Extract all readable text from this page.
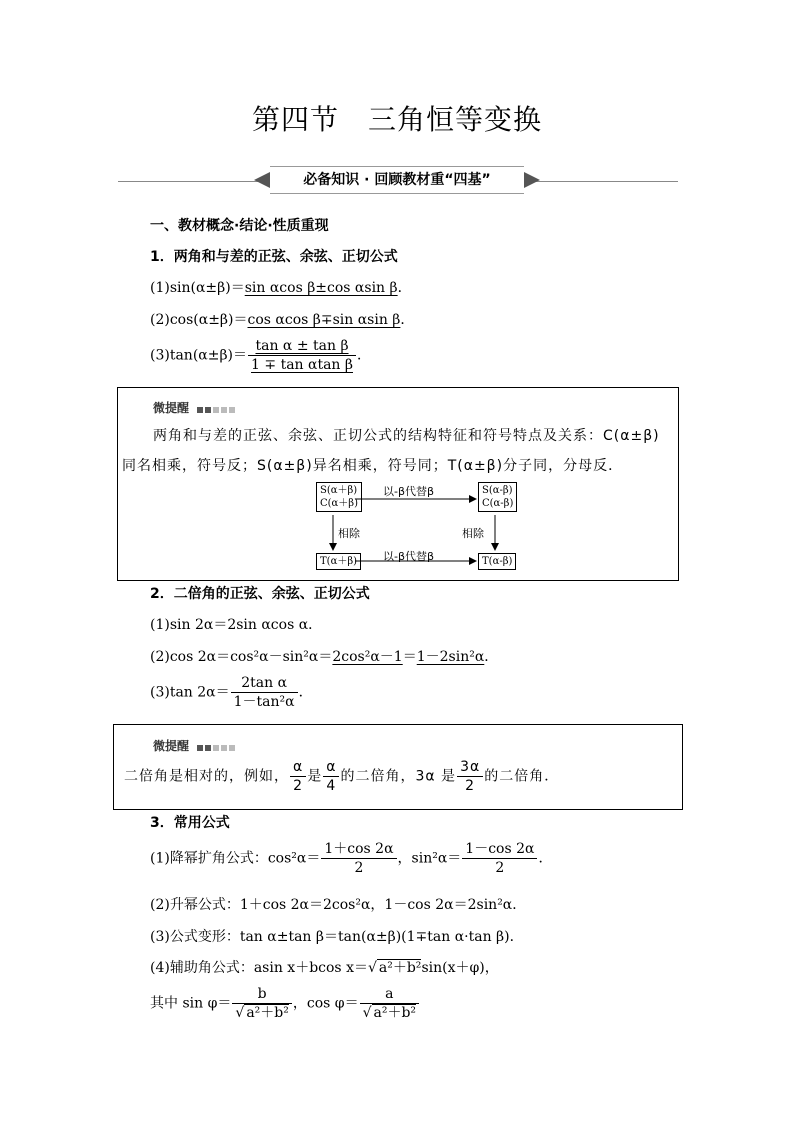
第四节　三角恒等变换
必备知识 · 回顾教材重“四基”
一、教材概念·结论·性质重现
1．两角和与差的正弦、余弦、正切公式
(1)sin(α±β)＝sin αcos β±cos αsin β．
(2)cos(α±β)＝cos αcos β∓sin αsin β．
$(3)\tan(\alpha\pm\beta)= \frac{\text{tan α ± tan β}}{\text{1 ∓ tan αtan β}}$ ．
微提醒
两角和与差的正弦、余弦、正切公式的结构特征和符号特点及关系：C(α±β)
同名相乘，符号反；S(α±β)异名相乘，符号同；T(α±β)分子同，分母反．
S(α＋β)
C(α＋β)
S(α-β)
C(α-β)
T(α＋β)	T(α-β)
以-β代替β
以-β代替β
相除	相除
2．二倍角的正弦、余弦、正切公式
(1)sin 2α＝2sin αcos α．
(2)cos 2α＝cos²α－sin²α＝2cos²α－1＝1－2sin²α．
(3)tan $2\alpha= \frac{\text{2tan α}}{\text{1－tan²α}}$ ．
微提醒
二倍角是相对的，例如， $\frac{\alpha}{2}$ 是 $\frac{\alpha}{4}$ 的二倍角，3α 是 $\frac{3\alpha}{2}$ 的二倍角．
3．常用公式
(1)降幂扩角公式：$\cos^2\alpha= \frac{1+\cos 2\alpha}{2}$ ，$\sin^2\alpha= \frac{1-\cos 2\alpha}{2}$ ．
(2)升幂公式：1＋cos 2α＝2cos²α，1－cos 2α＝2sin²α．
(3)公式变形：tan α±tan β＝tan(α±β)(1∓tan α·tan β)．
(4)辅助角公式：asin x＋bcos x＝√ a²＋b²sin(x＋φ)，
其中 $\sin \varphi= \frac{b}{\text{√ a²＋b²}}$ ，$\cos \varphi= \frac{a}{\text{√ a²＋b²}}$
